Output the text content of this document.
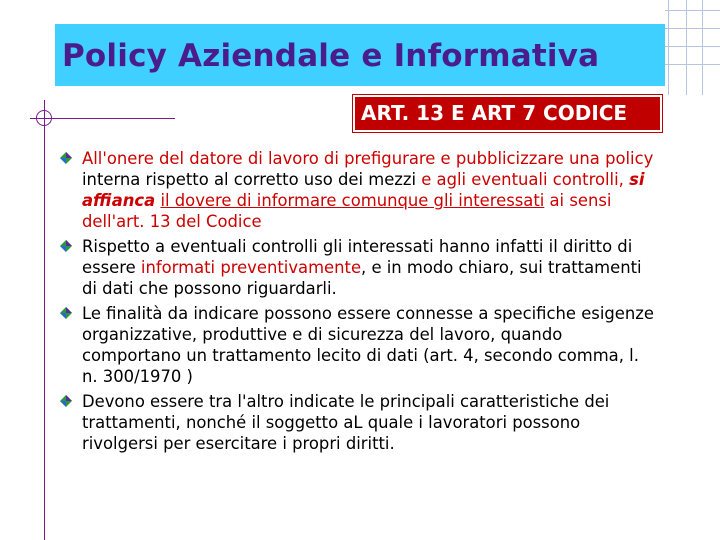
Policy Aziendale e Informativa
ART. 13 E ART 7 CODICE
All'onere del datore di lavoro di prefigurare e pubblicizzare una policy interna rispetto al corretto uso dei mezzi e agli eventuali controlli, si affianca il dovere di informare comunque gli interessati ai sensi dell'art. 13 del Codice
Rispetto a eventuali controlli gli interessati hanno infatti il diritto di essere informati preventivamente, e in modo chiaro, sui trattamenti di dati che possono riguardarli.
Le finalità da indicare possono essere connesse a specifiche esigenze organizzative, produttive e di sicurezza del lavoro, quando comportano un trattamento lecito di dati (art. 4, secondo comma, l. n. 300/1970 )
Devono essere tra l'altro indicate le principali caratteristiche dei trattamenti, nonché il soggetto aL quale i lavoratori possono rivolgersi per esercitare i propri diritti.
